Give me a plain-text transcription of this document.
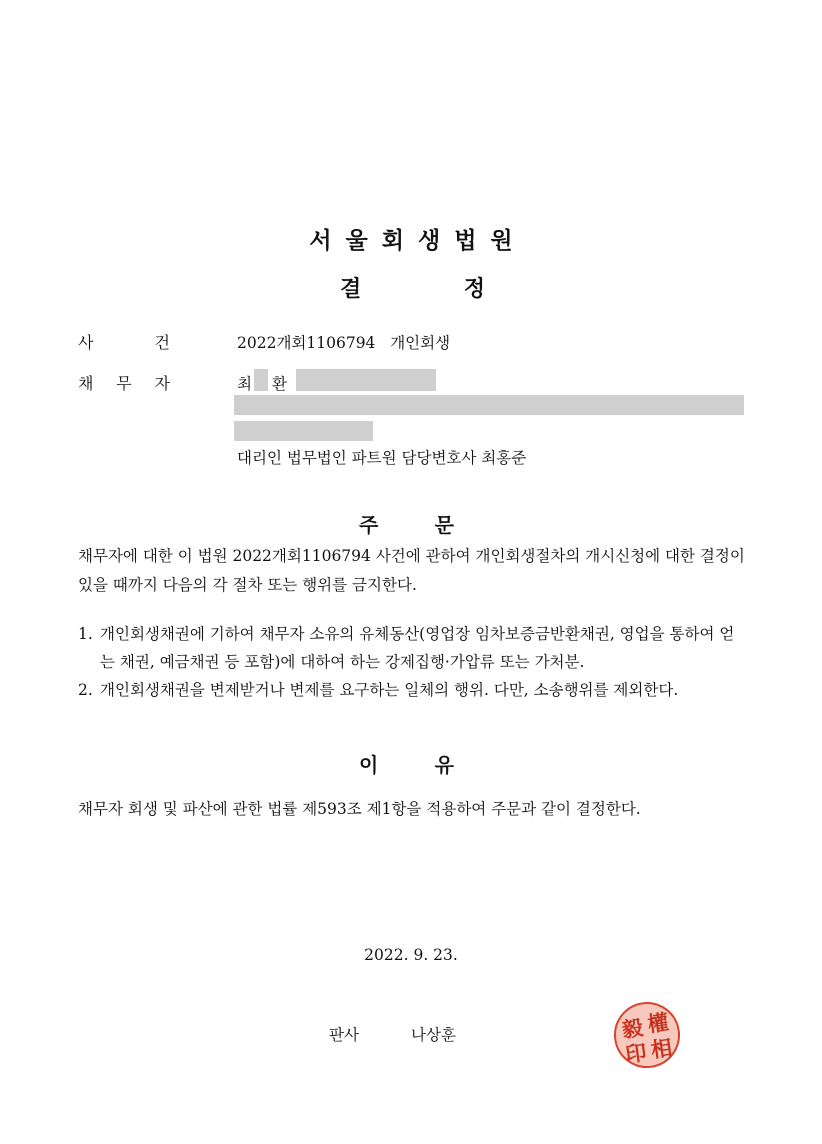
서울회생법원
결	정
사	건	2022개회1106794   개인회생
채 무 자	최 환
대리인 법무법인 파트원 담당변호사 최홍준
주	문
채무자에 대한 이 법원 2022개회1106794 사건에 관하여 개인회생절차의 개시신청에 대한 결정이 있을 때까지 다음의 각 절차 또는 행위를 금지한다.
1. 개인회생채권에 기하여 채무자 소유의 유체동산(영업장 임차보증금반환채권, 영업을 통하여 얻는 채권, 예금채권 등 포함)에 대하여 하는 강제집행·가압류 또는 가처분.
2. 개인회생채권을 변제받거나 변제를 요구하는 일체의 행위. 다만, 소송행위를 제외한다.
이	유
채무자 회생 및 파산에 관한 법률 제593조 제1항을 적용하여 주문과 같이 결정한다.
2022. 9. 23.
판사	나상훈	毅 權
印 相
